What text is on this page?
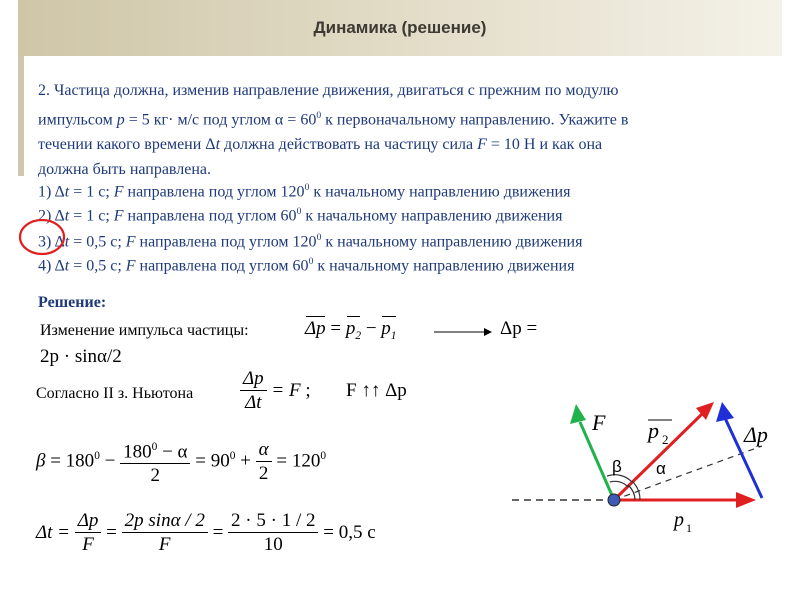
Динамика (решение)
2. Частица должна, изменив направление движения, двигаться с прежним по модулю
импульсом p = 5 кг· м/с под углом $\alpha = 60^0$ к первоначальному направлению. Укажите в
течении какого времени Δt должна действовать на частицу сила F = 10 Н и как она
должна быть направлена.
1) Δt = 1 с; F направлена под углом $120^0$ к начальному направлению движения
2) Δt = 1 с; F направлена под углом $60^0$ к начальному направлению движения
3) Δt = 0,5 с; F направлена под углом $120^0$ к начальному направлению движения
4) Δt = 0,5 с; F направлена под углом $60^0$ к начальному направлению движения
Решение:
Изменение импульса частицы:	$\Delta p = p_2 - p_1$	Δp =
2p · sinα/2
Согласно II з. Ньютона $\frac{\Delta p}{\Delta t} = F$ ; F ↑↑ Δp
$\beta = 180^0 - \frac{180^0 - \alpha}{2} = 90^0 + \frac{\alpha}{2} = 120^0$
$\Delta t = \frac{\Delta p}{F} = \frac{\text{2p sinα / 2}}{F} = \frac{2 \cdot 5 \cdot 1 / 2}{10} = 0,5$ c
F p 2	Δp
β α
p 1
